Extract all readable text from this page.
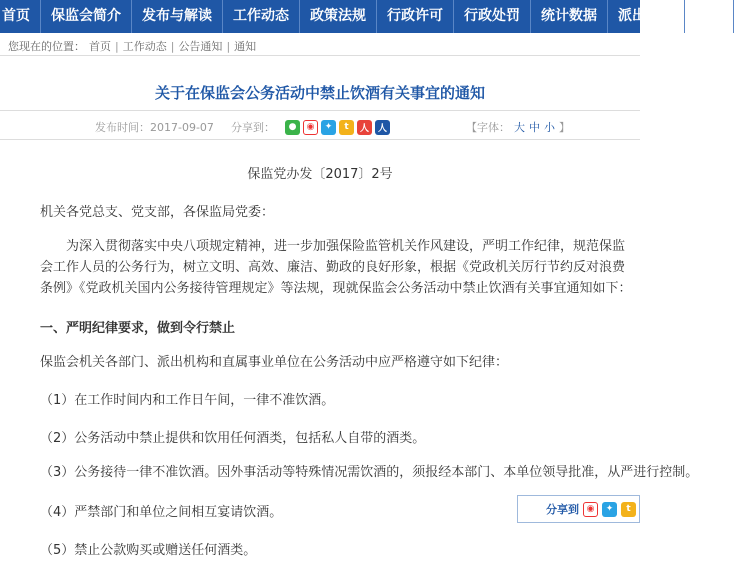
首页	保监会简介	发布与解读	工作动态	政策法规	行政许可	行政处罚	统计数据	派出机构	消费
您现在的位置： 首页 | 工作动态 | 公告通知 | 通知
关于在保监会公务活动中禁止饮酒有关事宜的通知
发布时间：2017-09-07 分享到：	●	◉	✦	t	人 人	【字体： 大 中 小 】
保监党办发〔2017〕2号
机关各党总支、党支部，各保监局党委：
为深入贯彻落实中央八项规定精神，进一步加强保险监管机关作风建设，严明工作纪律，规范保监会工作人员的公务行为，树立文明、高效、廉洁、勤政的良好形象，根据《党政机关厉行节约反对浪费条例》《党政机关国内公务接待管理规定》等法规，现就保监会公务活动中禁止饮酒有关事宜通知如下：
一、严明纪律要求，做到令行禁止
保监会机关各部门、派出机构和直属事业单位在公务活动中应严格遵守如下纪律：
（1）在工作时间内和工作日午间，一律不准饮酒。
（2）公务活动中禁止提供和饮用任何酒类，包括私人自带的酒类。
（3）公务接待一律不准饮酒。因外事活动等特殊情况需饮酒的，须报经本部门、本单位领导批准，从严进行控制。
（4）严禁部门和单位之间相互宴请饮酒。
（5）禁止公款购买或赠送任何酒类。
分享到 ◉	✦	t
